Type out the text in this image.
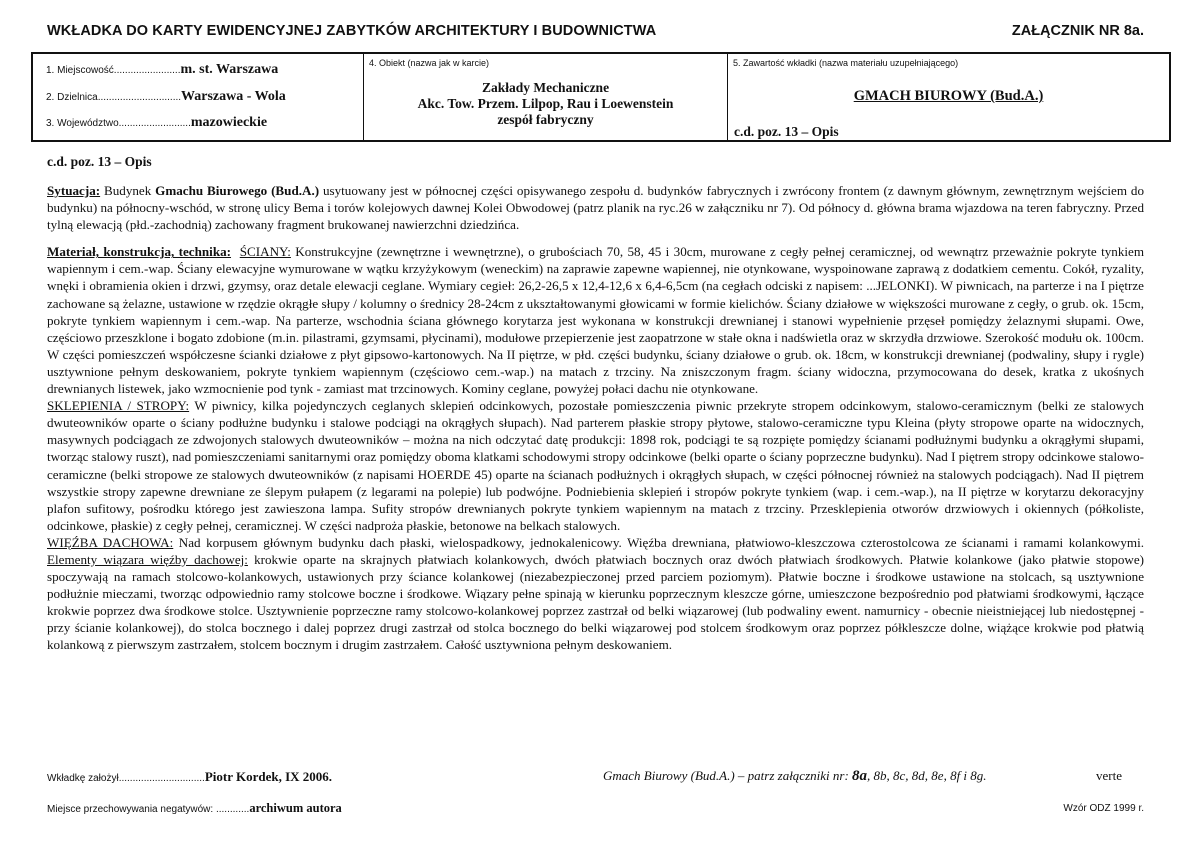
WKŁADKA DO KARTY EWIDENCYJNEJ ZABYTKÓW ARCHITEKTURY I BUDOWNICTWA	ZAŁĄCZNIK NR 8a.
1. Miejscowość........................m. st. Warszawa
2. Dzielnica..............................Warszawa - Wola
3. Województwo..........................mazowieckie
4. Obiekt (nazwa jak w karcie)
Zakłady Mechaniczne
Akc. Tow. Przem. Lilpop, Rau i Loewenstein
zespół fabryczny
5. Zawartość wkładki (nazwa materiału uzupełniającego)
GMACH BIUROWY (Bud.A.)
c.d. poz. 13 – Opis
c.d. poz. 13 – Opis

Sytuacja: Budynek Gmachu Biurowego (Bud.A.) usytuowany jest w północnej części opisywanego zespołu d. budynków fabrycznych i zwrócony frontem (z dawnym głównym, zewnętrznym wejściem do budynku) na północny-wschód, w stronę ulicy Bema i torów kolejowych dawnej Kolei Obwodowej (patrz planik na ryc.26 w załączniku nr 7). Od północy d. główna brama wjazdowa na teren fabryczny. Przed tylną elewacją (płd.-zachodnią) zachowany fragment brukowanej nawierzchni dziedzińca.

Materiał, konstrukcja, technika: ŚCIANY: Konstrukcyjne (zewnętrzne i wewnętrzne), o grubościach 70, 58, 45 i 30cm, murowane z cegły pełnej ceramicznej, od wewnątrz przeważnie pokryte tynkiem wapiennym i cem.-wap. Ściany elewacyjne wymurowane w wątku krzyżykowym (weneckim) na zaprawie zapewne wapiennej, nie otynkowane, wyspoinowane zaprawą z dodatkiem cementu. Cokół, ryzality, wnęki i obramienia okien i drzwi, gzymsy, oraz detale elewacji ceglane. Wymiary cegieł: 26,2-26,5 x 12,4-12,6 x 6,4-6,5cm (na cegłach odciski z napisem: ...JELONKI). W piwnicach, na parterze i na I piętrze zachowane są żelazne, ustawione w rzędzie okrągłe słupy / kolumny o średnicy 28-24cm z ukształtowanymi głowicami w formie kielichów. Ściany działowe w większości murowane z cegły, o grub. ok. 15cm, pokryte tynkiem wapiennym i cem.-wap. Na parterze, wschodnia ściana głównego korytarza jest wykonana w konstrukcji drewnianej i stanowi wypełnienie przęseł pomiędzy żelaznymi słupami. Owe, częściowo przeszklone i bogato zdobione (m.in. pilastrami, gzymsami, płycinami), modułowe przepierzenie jest zaopatrzone w stałe okna i nadświetla oraz w skrzydła drzwiowe. Szerokość modułu ok. 100cm. W części pomieszczeń współczesne ścianki działowe z płyt gipsowo-kartonowych. Na II piętrze, w płd. części budynku, ściany działowe o grub. ok. 18cm, w konstrukcji drewnianej (podwaliny, słupy i rygle) usztywnione pełnym deskowaniem, pokryte tynkiem wapiennym (częściowo cem.-wap.) na matach z trzciny. Na zniszczonym fragm. ściany widoczna, przymocowana do desek, kratka z ukośnych drewnianych listewek, jako wzmocnienie pod tynk - zamiast mat trzcinowych. Kominy ceglane, powyżej połaci dachu nie otynkowane.

SKLEPIENIA / STROPY: W piwnicy, kilka pojedynczych ceglanych sklepień odcinkowych, pozostałe pomieszczenia piwnic przekryte stropem odcinkowym, stalowo-ceramicznym (belki ze stalowych dwuteowników oparte o ściany podłużne budynku i stalowe podciągi na okrągłych słupach). Nad parterem płaskie stropy płytowe, stalowo-ceramiczne typu Kleina (płyty stropowe oparte na widocznych, masywnych podciągach ze zdwojonych stalowych dwuteowników – można na nich odczytać datę produkcji: 1898 rok, podciągi te są rozpięte pomiędzy ścianami podłużnymi budynku a okrągłymi słupami, tworząc stalowy ruszt), nad pomieszczeniami sanitarnymi oraz pomiędzy oboma klatkami schodowymi stropy odcinkowe (belki oparte o ściany poprzeczne budynku). Nad I piętrem stropy odcinkowe stalowo-ceramiczne (belki stropowe ze stalowych dwuteowników (z napisami HOERDE 45) oparte na ścianach podłużnych i okrągłych słupach, w części północnej również na stalowych podciągach). Nad II piętrem wszystkie stropy zapewne drewniane ze ślepym pułapem (z legarami na polepie) lub podwójne. Podniebienia sklepień i stropów pokryte tynkiem (wap. i cem.-wap.), na II piętrze w korytarzu dekoracyjny plafon sufitowy, pośrodku którego jest zawieszona lampa. Sufity stropów drewnianych pokryte tynkiem wapiennym na matach z trzciny. Przesklepienia otworów drzwiowych i okiennych (półkoliste, odcinkowe, płaskie) z cegły pełnej, ceramicznej. W części nadproża płaskie, betonowe na belkach stalowych.

WIĘŹBA DACHOWA: Nad korpusem głównym budynku dach płaski, wielospadkowy, jednokalenicowy. Więźba drewniana, płatwiowo-kleszczowa czterostolcowa ze ścianami i ramami kolankowymi. Elementy wiązara więźby dachowej: krokwie oparte na skrajnych płatwiach kolankowych, dwóch płatwiach bocznych oraz dwóch płatwiach środkowych. Płatwie kolankowe (jako płatwie stopowe) spoczywają na ramach stolcowo-kolankowych, ustawionych przy ściance kolankowej (niezabezpieczonej przed parciem poziomym). Płatwie boczne i środkowe ustawione na stolcach, są usztywnione podłużnie mieczami, tworząc odpowiednio ramy stolcowe boczne i środkowe. Wiązary pełne spinają w kierunku poprzecznym kleszcze górne, umieszczone bezpośrednio pod płatwiami środkowymi, łączące krokwie poprzez dwa środkowe stolce. Usztywnienie poprzeczne ramy stolcowo-kolankowej poprzez zastrzał od belki wiązarowej (lub podwaliny ewent. namurnicy - obecnie nieistniejącej lub niedostępnej - przy ścianie kolankowej), do stolca bocznego i dalej poprzez drugi zastrzał od stolca bocznego do belki wiązarowej pod stolcem środkowym oraz poprzez półkleszcze dolne, wiążące krokwie pod płatwią kolankową z pierwszym zastrzałem, stolcem bocznym i drugim zastrzałem. Całość usztywniona pełnym deskowaniem.

Wkładkę założył...............................Piotr Kordek, IX 2006.	Gmach Biurowy (Bud.A.) – patrz załączniki nr: 8a, 8b, 8c, 8d, 8e, 8f i 8g.	verte
Miejsce przechowywania negatywów: ............archiwum autora	Wzór ODZ 1999 r.
